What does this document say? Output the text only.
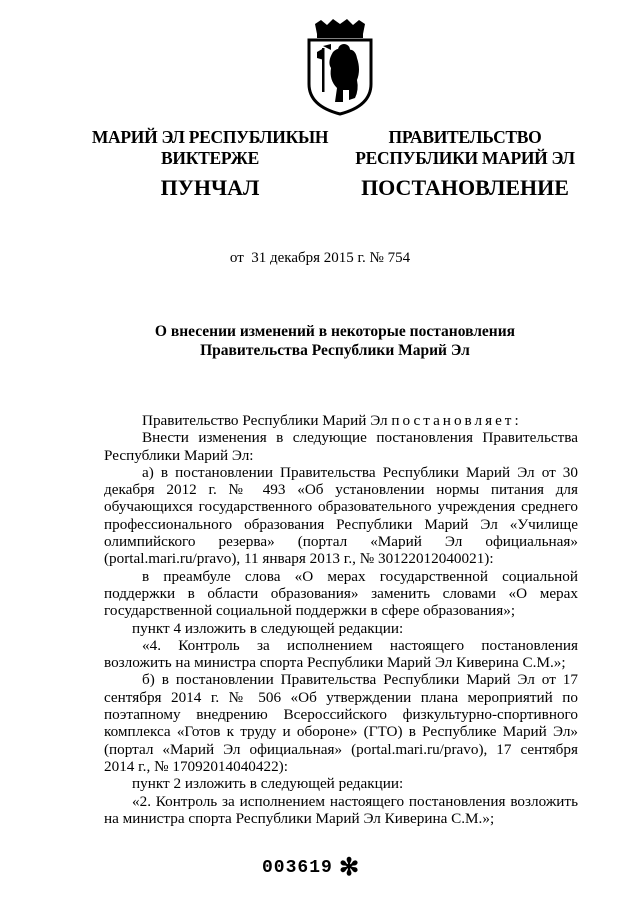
МАРИЙ ЭЛ РЕСПУБЛИКЫН
ВИКТЕРЖЕ
ПУНЧАЛ
ПРАВИТЕЛЬСТВО
РЕСПУБЛИКИ МАРИЙ ЭЛ
ПОСТАНОВЛЕНИЕ
от 31 декабря 2015 г. № 754
О внесении изменений в некоторые постановления
Правительства Республики Марий Эл

Правительство Республики Марий Эл постановляет:

Внести изменения в следующие постановления Правительства Республики Марий Эл:

а) в постановлении Правительства Республики Марий Эл от 30 декабря 2012 г. № 493 «Об установлении нормы питания для обучающихся государственного образовательного учреждения среднего профессионального образования Республики Марий Эл «Училище олимпийского резерва» (портал «Марий Эл официальная» (portal.mari.ru/pravo), 11 января 2013 г., № 30122012040021):

в преамбуле слова «О мерах государственной социальной поддержки в области образования» заменить словами «О мерах государственной социальной поддержки в сфере образования»;

пункт 4 изложить в следующей редакции:

«4. Контроль за исполнением настоящего постановления возложить на министра спорта Республики Марий Эл Киверина С.М.»;

б) в постановлении Правительства Республики Марий Эл от 17 сентября 2014 г. № 506 «Об утверждении плана мероприятий по поэтапному внедрению Всероссийского физкультурно-спортивного комплекса «Готов к труду и обороне» (ГТО) в Республике Марий Эл» (портал «Марий Эл официальная» (portal.mari.ru/pravo), 17 сентября 2014 г., № 17092014040422):

пункт 2 изложить в следующей редакции:

«2. Контроль за исполнением настоящего постановления возложить на министра спорта Республики Марий Эл Киверина С.М.»;

003619 ✻
